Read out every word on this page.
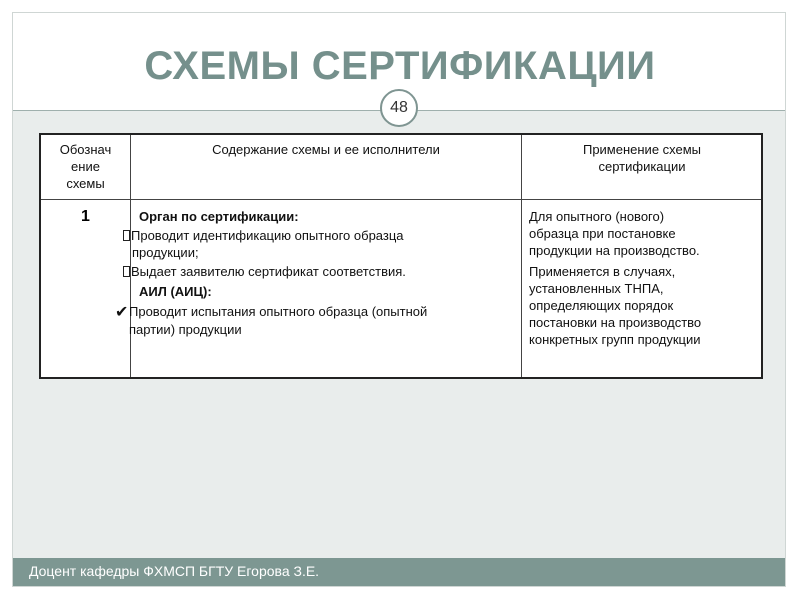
СХЕМЫ СЕРТИФИКАЦИИ
48
Обознач
ение
схемы
Содержание схемы и ее исполнители	Применение схемы
сертификации
1	Орган по сертификации:
Проводит идентификацию опытного образца
продукции;
Выдает заявителю сертификат соответствия.
АИЛ (АИЦ):
✔Проводит испытания опытного образца (опытной
партии) продукции
Для опытного (нового)
образца при постановке
продукции на производство.
Применяется в случаях,
установленных ТНПА,
определяющих порядок
постановки на производство
конкретных групп продукции
Доцент кафедры ФХМСП БГТУ Егорова З.Е.
